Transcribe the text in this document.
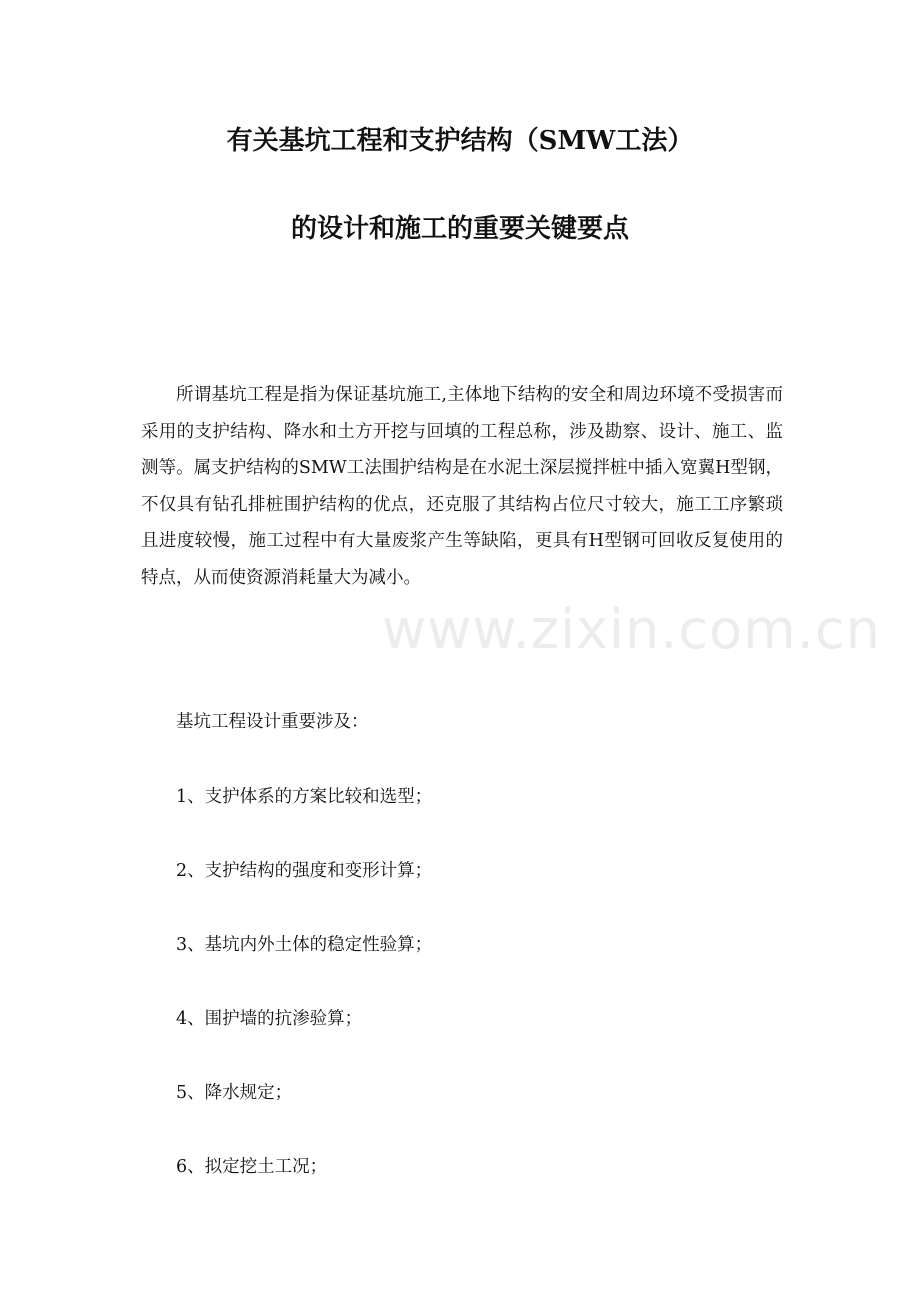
有关基坑工程和支护结构（SMW工法）
的设计和施工的重要关键要点
所谓基坑工程是指为保证基坑施工,主体地下结构的安全和周边环境不受损害而采用的支护结构、降水和土方开挖与回填的工程总称，涉及勘察、设计、施工、监测等。属支护结构的SMW工法围护结构是在水泥土深层搅拌桩中插入宽翼H型钢，不仅具有钻孔排桩围护结构的优点，还克服了其结构占位尺寸较大，施工工序繁琐且进度较慢，施工过程中有大量废浆产生等缺陷，更具有H型钢可回收反复使用的特点，从而使资源消耗量大为减小。
基坑工程设计重要涉及：
1、支护体系的方案比较和选型；
2、支护结构的强度和变形计算；
3、基坑内外土体的稳定性验算；
4、围护墙的抗渗验算；
5、降水规定；
6、拟定挖土工况；
www.zixin.com.cn
